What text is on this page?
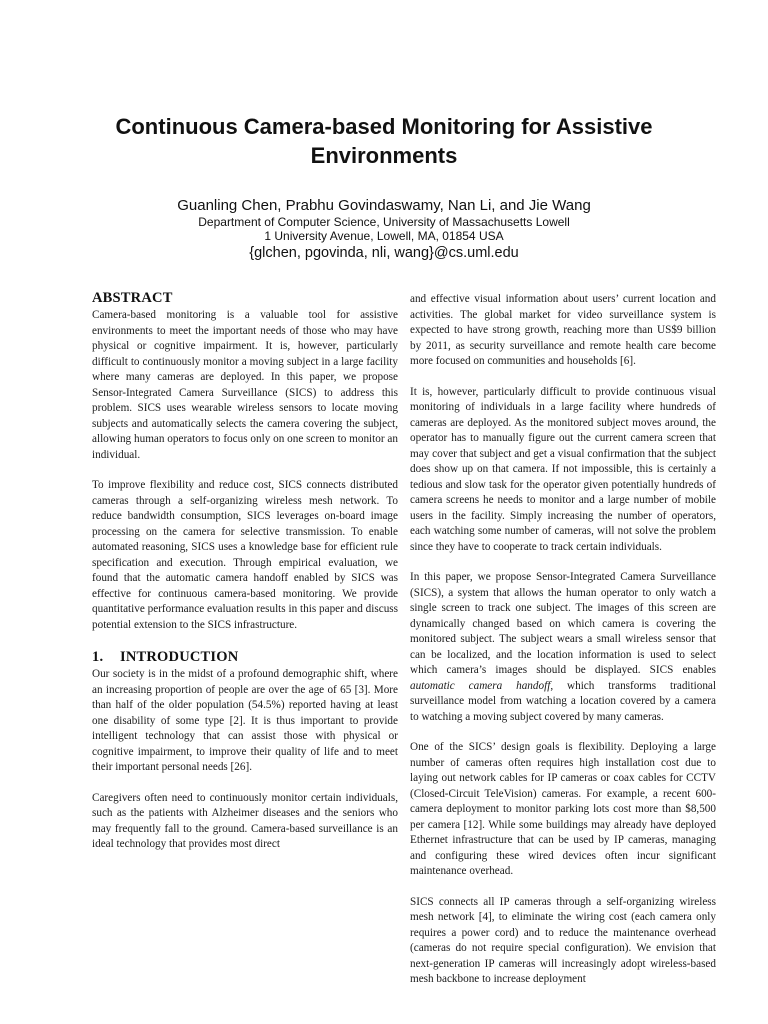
Continuous Camera-based Monitoring for Assistive
Environments
Guanling Chen, Prabhu Govindaswamy, Nan Li, and Jie Wang
Department of Computer Science, University of Massachusetts Lowell
1 University Avenue, Lowell, MA, 01854 USA
{glchen, pgovinda, nli, wang}@cs.uml.edu
ABSTRACT

Camera-based monitoring is a valuable tool for assistive environments to meet the important needs of those who may have physical or cognitive impairment. It is, however, particularly difficult to continuously monitor a moving subject in a large facility where many cameras are deployed. In this paper, we propose Sensor-Integrated Camera Surveillance (SICS) to address this problem. SICS uses wearable wireless sensors to locate moving subjects and automatically selects the camera covering the subject, allowing human operators to focus only on one screen to monitor an individual.

To improve flexibility and reduce cost, SICS connects distributed cameras through a self-organizing wireless mesh network. To reduce bandwidth consumption, SICS leverages on-board image processing on the camera for selective transmission. To enable automated reasoning, SICS uses a knowledge base for efficient rule specification and execution. Through empirical evaluation, we found that the automatic camera handoff enabled by SICS was effective for continuous camera-based monitoring. We provide quantitative performance evaluation results in this paper and discuss potential extension to the SICS infrastructure.

1. INTRODUCTION

Our society is in the midst of a profound demographic shift, where an increasing proportion of people are over the age of 65 [3]. More than half of the older population (54.5%) reported having at least one disability of some type [2]. It is thus important to provide intelligent technology that can assist those with physical or cognitive impairment, to improve their quality of life and to meet their important personal needs [26].

Caregivers often need to continuously monitor certain individuals, such as the patients with Alzheimer diseases and the seniors who may frequently fall to the ground. Camera-based surveillance is an ideal technology that provides most direct

and effective visual information about users’ current location and activities. The global market for video surveillance system is expected to have strong growth, reaching more than US$9 billion by 2011, as security surveillance and remote health care become more focused on communities and households [6].

It is, however, particularly difficult to provide continuous visual monitoring of individuals in a large facility where hundreds of cameras are deployed. As the monitored subject moves around, the operator has to manually figure out the current camera screen that may cover that subject and get a visual confirmation that the subject does show up on that camera. If not impossible, this is certainly a tedious and slow task for the operator given potentially hundreds of camera screens he needs to monitor and a large number of mobile users in the facility. Simply increasing the number of operators, each watching some number of cameras, will not solve the problem since they have to cooperate to track certain individuals.

In this paper, we propose Sensor-Integrated Camera Surveillance (SICS), a system that allows the human operator to only watch a single screen to track one subject. The images of this screen are dynamically changed based on which camera is covering the monitored subject. The subject wears a small wireless sensor that can be localized, and the location information is used to select which camera’s images should be displayed. SICS enables automatic camera handoff, which transforms traditional surveillance model from watching a location covered by a camera to watching a moving subject covered by many cameras.

One of the SICS’ design goals is flexibility. Deploying a large number of cameras often requires high installation cost due to laying out network cables for IP cameras or coax cables for CCTV (Closed-Circuit TeleVision) cameras. For example, a recent 600-camera deployment to monitor parking lots cost more than $8,500 per camera [12]. While some buildings may already have deployed Ethernet infrastructure that can be used by IP cameras, managing and configuring these wired devices often incur significant maintenance overhead.

SICS connects all IP cameras through a self-organizing wireless mesh network [4], to eliminate the wiring cost (each camera only requires a power cord) and to reduce the maintenance overhead (cameras do not require special configuration). We envision that next-generation IP cameras will increasingly adopt wireless-based mesh backbone to increase deployment
